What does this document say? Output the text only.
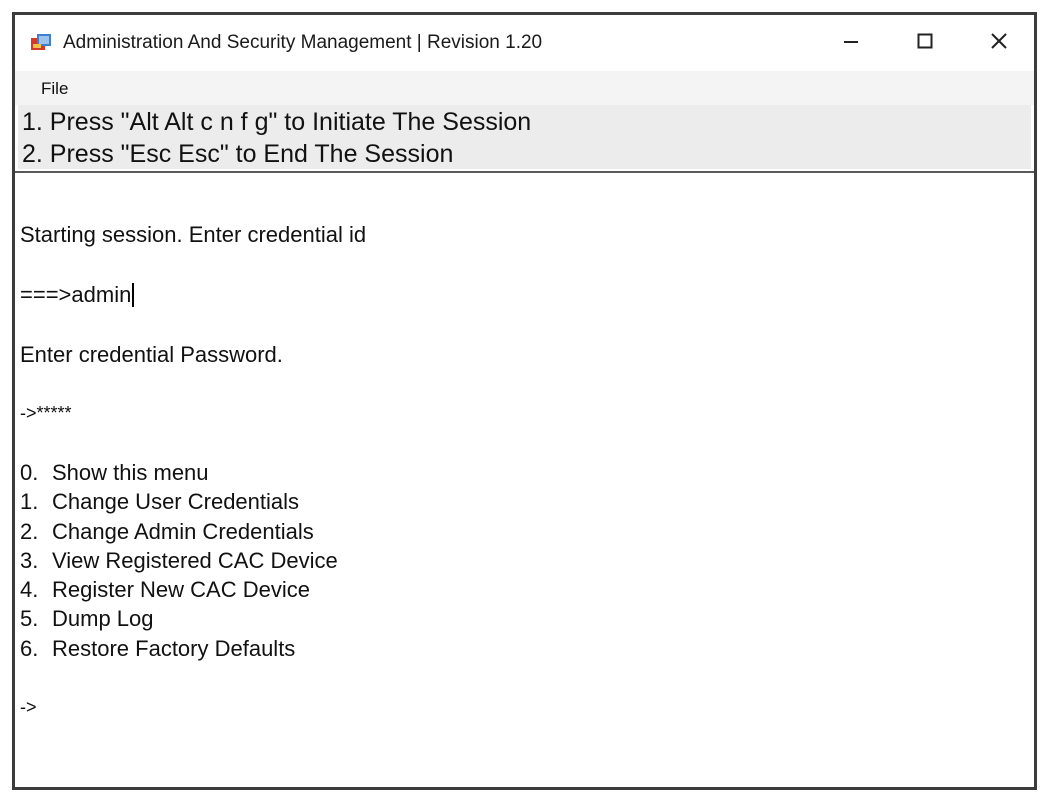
Administration And Security Management | Revision 1.20
File
1. Press "Alt Alt c n f g" to Initiate The Session
2. Press "Esc Esc" to End The Session
Starting session. Enter credential id
===>admin
Enter credential Password.
->*****
0. Show this menu
1. Change User Credentials
2. Change Admin Credentials
3. View Registered CAC Device
4. Register New CAC Device
5. Dump Log
6. Restore Factory Defaults
->
